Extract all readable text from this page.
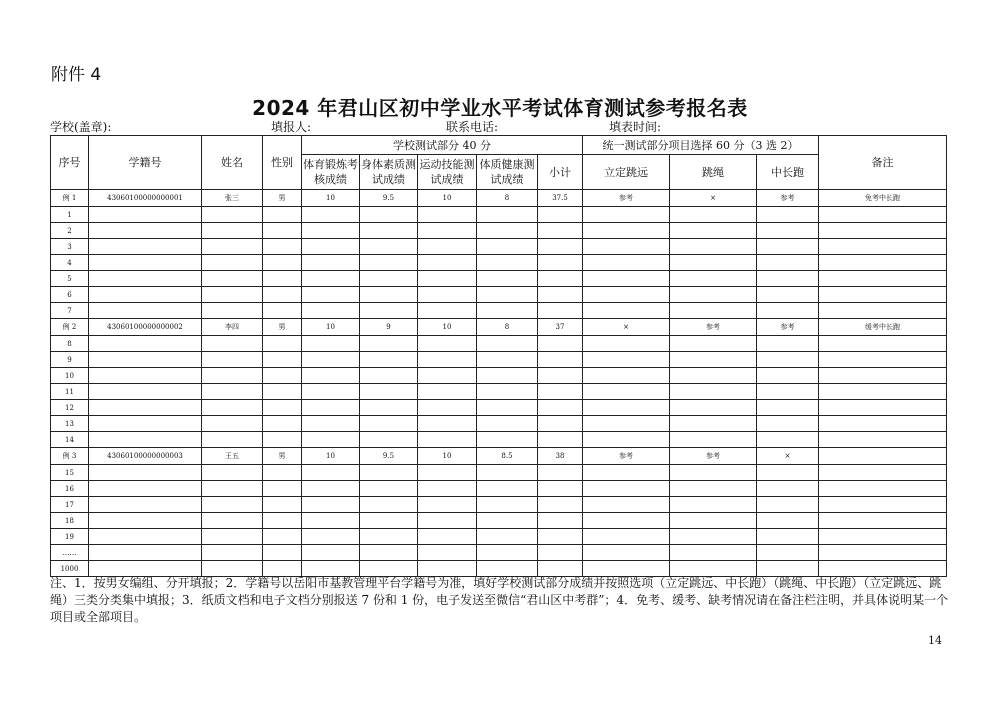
附件 4
2024 年君山区初中学业水平考试体育测试参考报名表
学校(盖章):	填报人:	联系电话:	填表时间:
序号	学籍号	姓名	性别	学校测试部分 40 分					统一测试部分项目选择 60 分（3 选 2）			备注
				体育锻炼考核成绩	身体素质测试成绩	运动技能测试成绩	体质健康测试成绩	小计	立定跳远	跳绳	中长跑	
例 1	43060100000000001	张三	男	10	9.5	10	8	37.5	参考	×	参考	免考中长跑
1												
2												
3												
4												
5												
6												
7												
例 2	43060100000000002	李四	男	10	9	10	8	37	×	参考	参考	缓考中长跑
8												
9												
10												
11												
12												
13												
14												
例 3	43060100000000003	王五	男	10	9.5	10	8.5	38	参考	参考	×	
15												
16												
17												
18												
19												
……												
1000												
注、1．按男女编组、分开填报；2．学籍号以岳阳市基教管理平台学籍号为准，填好学校测试部分成绩并按照选项（立定跳远、中长跑）（跳绳、中长跑）（立定跳远、跳绳）三类分类集中填报；3．纸质文档和电子文档分别报送 7 份和 1 份，电子发送至微信“君山区中考群”；4．免考、缓考、缺考情况请在备注栏注明，并具体说明某一个项目或全部项目。
14
